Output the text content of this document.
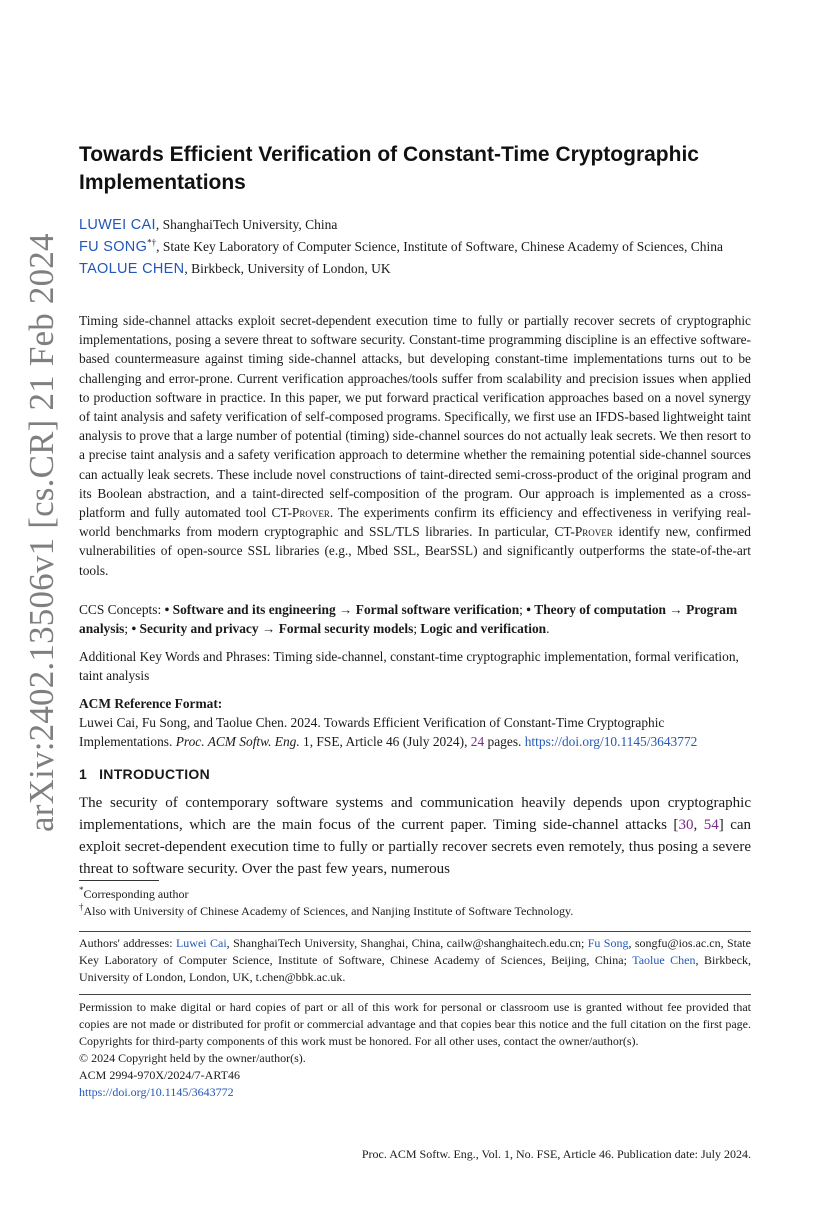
arXiv:2402.13506v1 [cs.CR] 21 Feb 2024
Towards Efficient Verification of Constant-Time Cryptographic Implementations
LUWEI CAI, ShanghaiTech University, China
FU SONG*†, State Key Laboratory of Computer Science, Institute of Software, Chinese Academy of Sciences, China
TAOLUE CHEN, Birkbeck, University of London, UK

Timing side-channel attacks exploit secret-dependent execution time to fully or partially recover secrets of cryptographic implementations, posing a severe threat to software security. Constant-time programming discipline is an effective software-based countermeasure against timing side-channel attacks, but developing constant-time implementations turns out to be challenging and error-prone. Current verification approaches/tools suffer from scalability and precision issues when applied to production software in practice. In this paper, we put forward practical verification approaches based on a novel synergy of taint analysis and safety verification of self-composed programs. Specifically, we first use an IFDS-based lightweight taint analysis to prove that a large number of potential (timing) side-channel sources do not actually leak secrets. We then resort to a precise taint analysis and a safety verification approach to determine whether the remaining potential side-channel sources can actually leak secrets. These include novel constructions of taint-directed semi-cross-product of the original program and its Boolean abstraction, and a taint-directed self-composition of the program. Our approach is implemented as a cross-platform and fully automated tool CT-Prover. The experiments confirm its efficiency and effectiveness in verifying real-world benchmarks from modern cryptographic and SSL/TLS libraries. In particular, CT-Prover identify new, confirmed vulnerabilities of open-source SSL libraries (e.g., Mbed SSL, BearSSL) and significantly outperforms the state-of-the-art tools.

CCS Concepts: • Software and its engineering → Formal software verification; • Theory of computation → Program analysis; • Security and privacy → Formal security models; Logic and verification.
Additional Key Words and Phrases: Timing side-channel, constant-time cryptographic implementation, formal verification, taint analysis
ACM Reference Format:
Luwei Cai, Fu Song, and Taolue Chen. 2024. Towards Efficient Verification of Constant-Time Cryptographic Implementations. Proc. ACM Softw. Eng. 1, FSE, Article 46 (July 2024), 24 pages. https://doi.org/10.1145/3643772
1 INTRODUCTION

The security of contemporary software systems and communication heavily depends upon cryptographic implementations, which are the main focus of the current paper. Timing side-channel attacks [30, 54] can exploit secret-dependent execution time to fully or partially recover secrets even remotely, thus posing a severe threat to software security. Over the past few years, numerous

*Corresponding author
†Also with University of Chinese Academy of Sciences, and Nanjing Institute of Software Technology.
Authors' addresses: Luwei Cai, ShanghaiTech University, Shanghai, China, cailw@shanghaitech.edu.cn; Fu Song, songfu@ios.ac.cn, State Key Laboratory of Computer Science, Institute of Software, Chinese Academy of Sciences, Beijing, China; Taolue Chen, Birkbeck, University of London, London, UK, t.chen@bbk.ac.uk.
Permission to make digital or hard copies of part or all of this work for personal or classroom use is granted without fee provided that copies are not made or distributed for profit or commercial advantage and that copies bear this notice and the full citation on the first page. Copyrights for third-party components of this work must be honored. For all other uses, contact the owner/author(s).
© 2024 Copyright held by the owner/author(s).
ACM 2994-970X/2024/7-ART46
https://doi.org/10.1145/3643772
Proc. ACM Softw. Eng., Vol. 1, No. FSE, Article 46. Publication date: July 2024.
